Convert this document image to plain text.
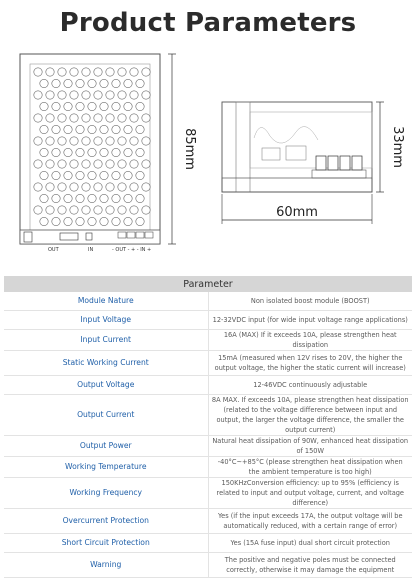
Product Parameters
OUT	IN	- OUT - + - IN +
85mm	33mm
60mm
Parameter	
Module Nature	Non isolated boost module (BOOST)
Input Voltage	12-32VDC input (for wide input voltage range applications)
Input Current	16A (MAX) If it exceeds 10A, please strengthen heat dissipation
Static Working Current	15mA (measured when 12V rises to 20V, the higher the output voltage, the higher the static current will increase)
Output Voltage	12-46VDC continuously adjustable
Output Current	8A MAX. If exceeds 10A, please strengthen heat dissipation (related to the voltage difference between input and output, the larger the voltage difference, the smaller the output current)
Output Power	Natural heat dissipation of 90W, enhanced heat dissipation of 150W
Working Temperature	-40°C~+85°C (please strengthen heat dissipation when the ambient temperature is too high)
Working Frequency	150KHzConversion efficiency: up to 95% (efficiency is related to input and output voltage, current, and voltage difference)
Overcurrent Protection	Yes (if the input exceeds 17A, the output voltage will be automatically reduced, with a certain range of error)
Short Circuit Protection	Yes (15A fuse input) dual short circuit protection
Warning	The positive and negative poles must be connected correctly, otherwise it may damage the equipment
